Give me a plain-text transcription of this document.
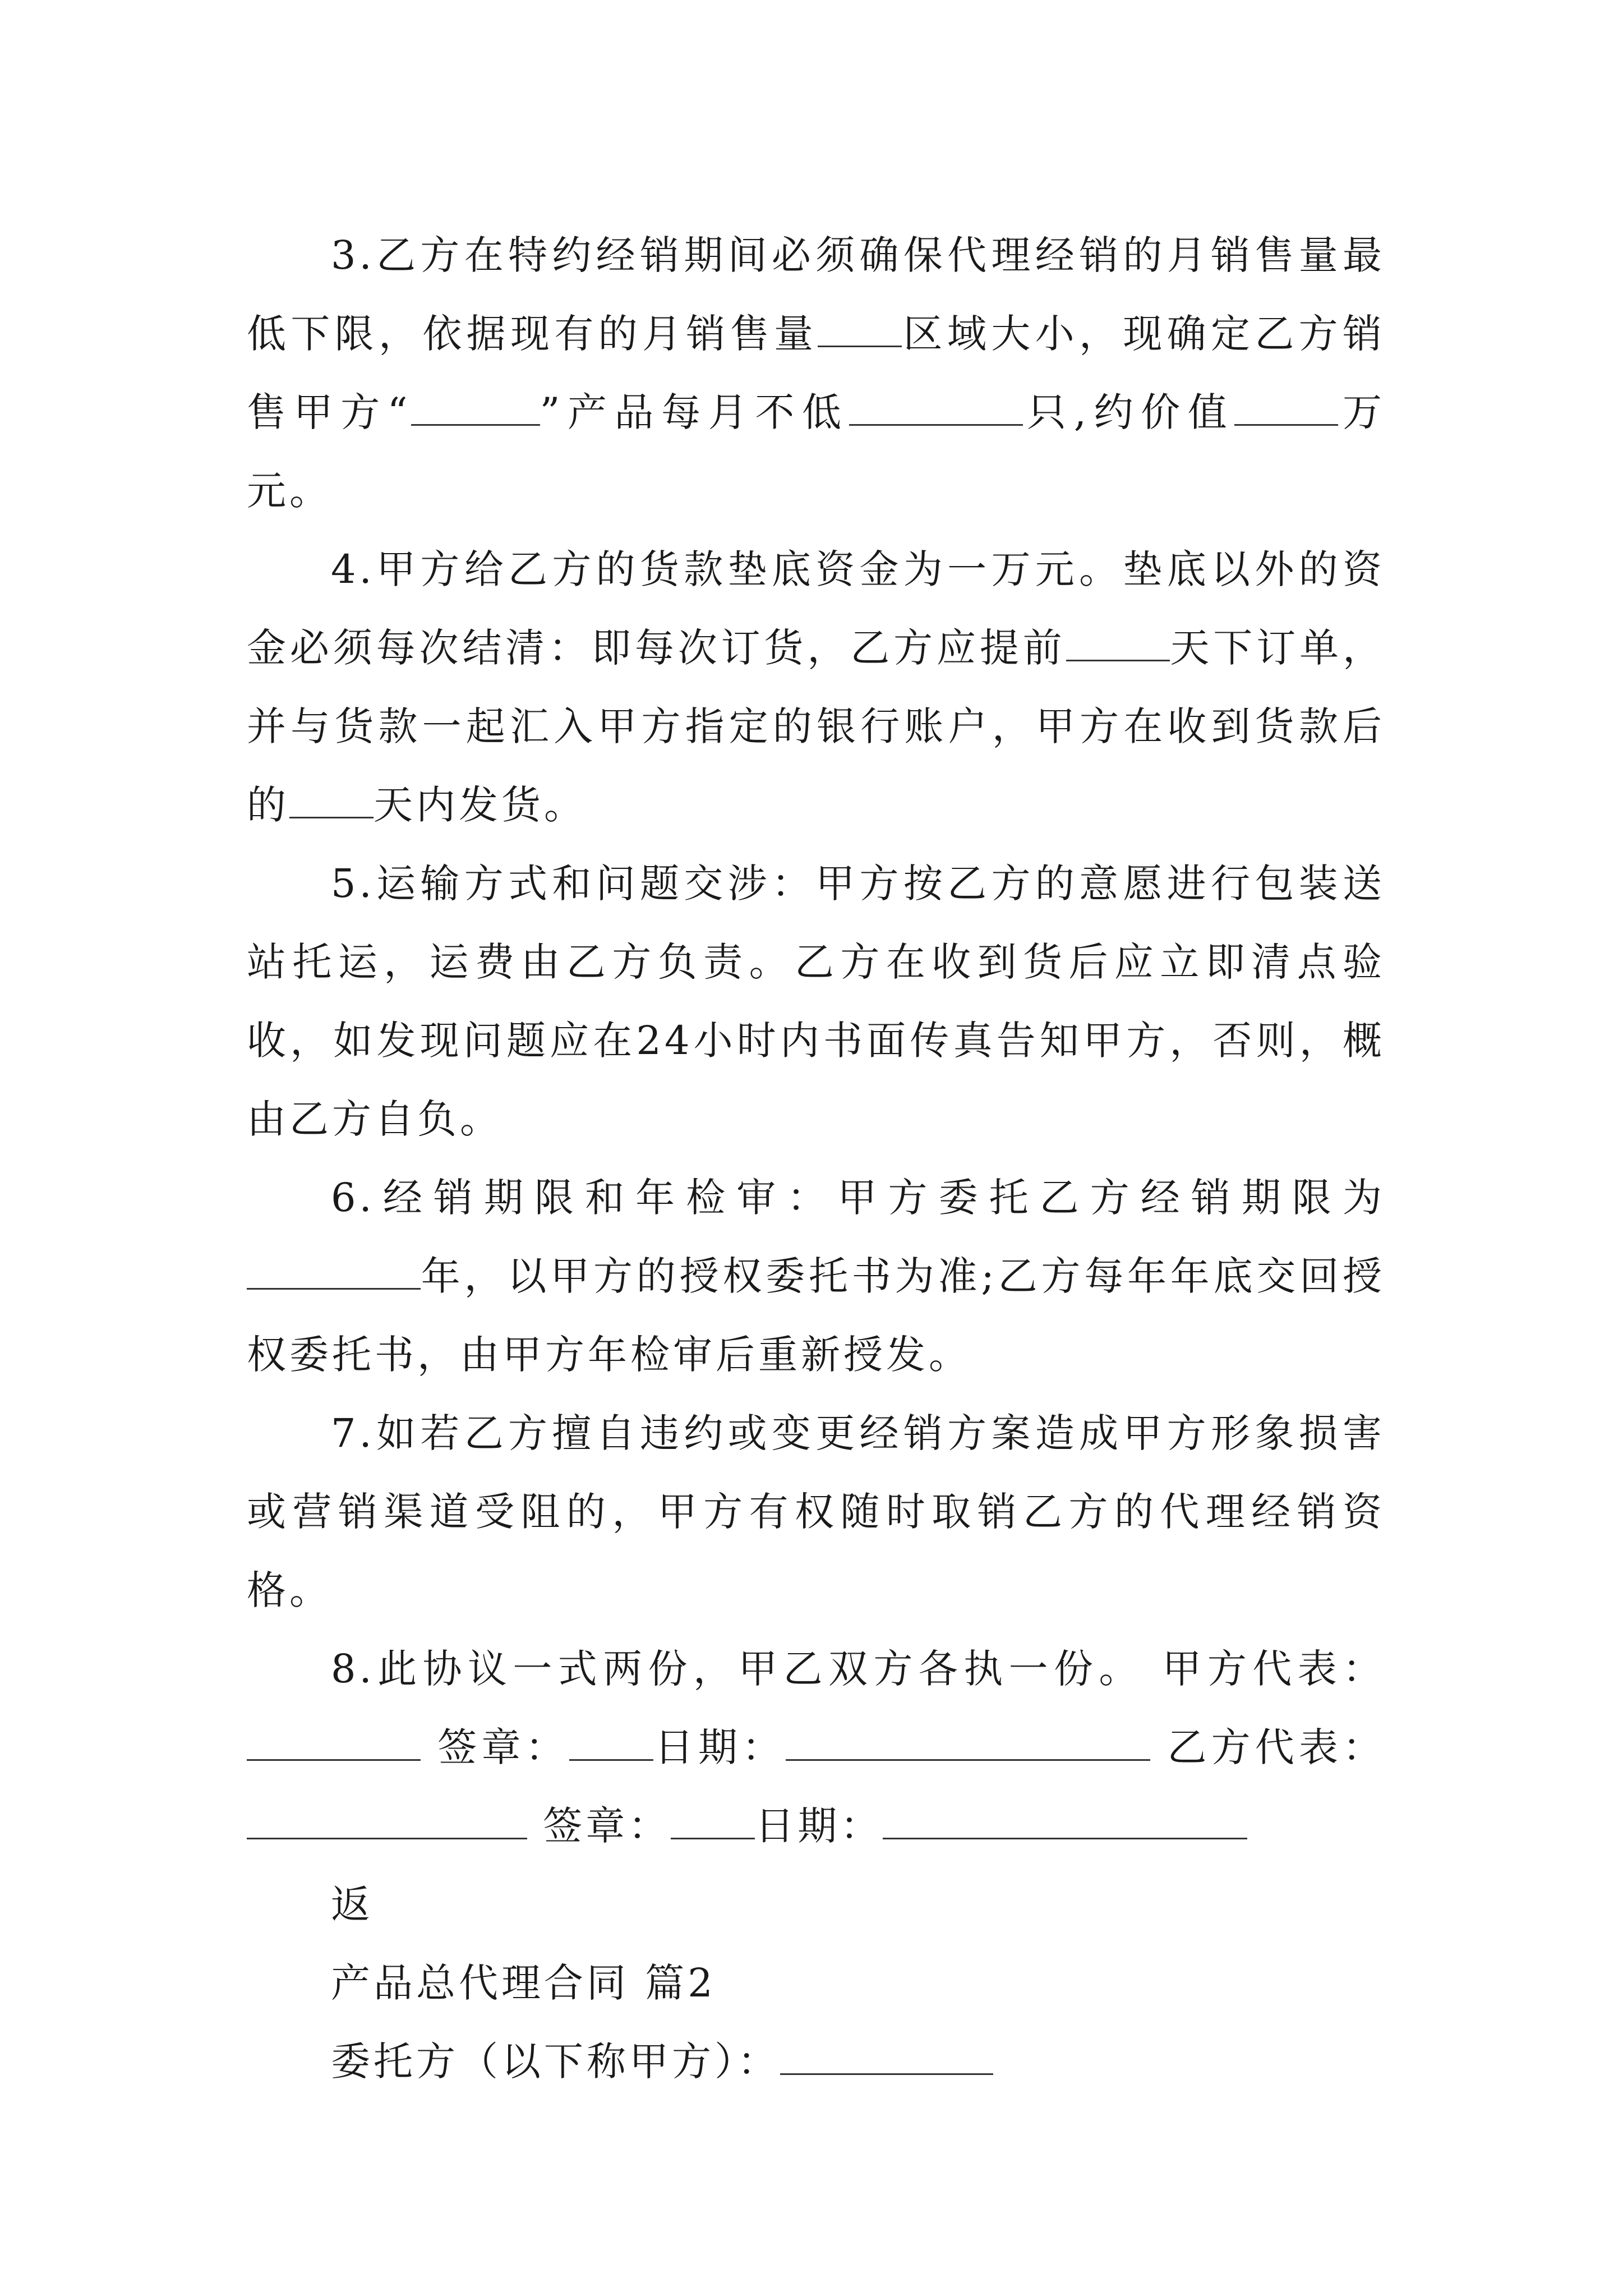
3.乙方在特约经销期间必须确保代理经销的月销售量最低下限，依据现有的月销售量 区域大小，现确定乙方销售甲方“	”产品每月不低	只,约价值	万元。

4.甲方给乙方的货款垫底资金为一万元。垫底以外的资金必须每次结清：即每次订货，乙方应提前	天下订单，并与货款一起汇入甲方指定的银行账户，甲方在收到货款后的 天内发货。

5.运输方式和问题交涉：甲方按乙方的意愿进行包装送站托运，运费由乙方负责。乙方在收到货后应立即清点验收，如发现问题应在24小时内书面传真告知甲方，否则，概由乙方自负。

6.经销期限和年检审：甲方委托乙方经销期限为年，以甲方的授权委托书为准;乙方每年年底交回授权委托书，由甲方年检审后重新授发。

7.如若乙方擅自违约或变更经销方案造成甲方形象损害或营销渠道受阻的，甲方有权随时取销乙方的代理经销资格。

8.此协议一式两份，甲乙双方各执一份。 甲方代表： 签章： 日期：	乙方代表： 签章： 日期：

返

产品总代理合同 篇2

委托方（以下称甲方）：
